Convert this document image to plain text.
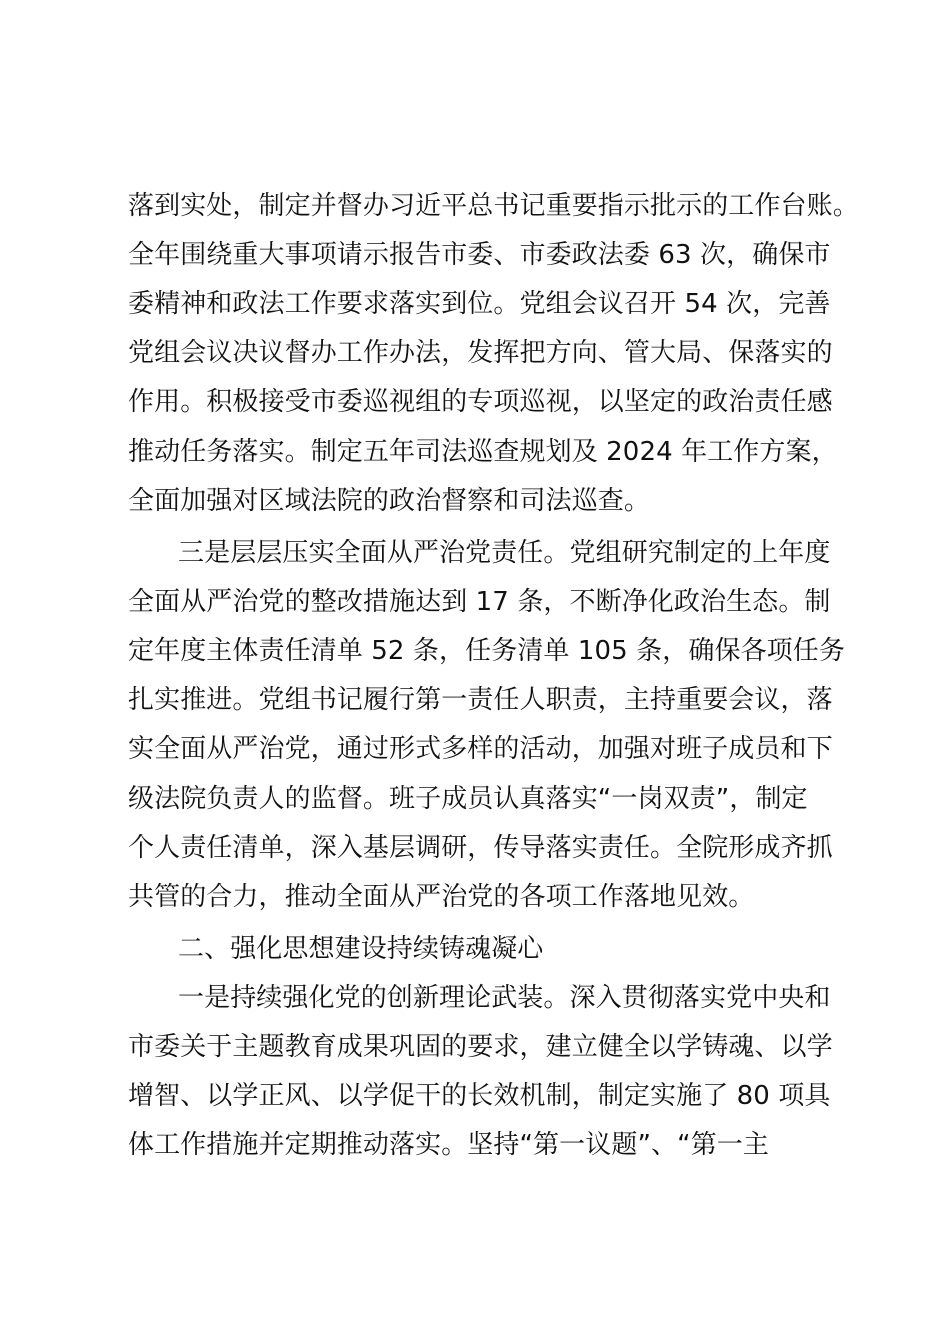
落到实处，制定并督办习近平总书记重要指示批示的工作台账。
全年围绕重大事项请示报告市委、市委政法委 63 次，确保市
委精神和政法工作要求落实到位。党组会议召开 54 次，完善
党组会议决议督办工作办法，发挥把方向、管大局、保落实的
作用。积极接受市委巡视组的专项巡视，以坚定的政治责任感
推动任务落实。制定五年司法巡查规划及 2024 年工作方案，
全面加强对区域法院的政治督察和司法巡查。
三是层层压实全面从严治党责任。党组研究制定的上年度
全面从严治党的整改措施达到 17 条，不断净化政治生态。制
定年度主体责任清单 52 条，任务清单 105 条，确保各项任务
扎实推进。党组书记履行第一责任人职责，主持重要会议，落
实全面从严治党，通过形式多样的活动，加强对班子成员和下
级法院负责人的监督。班子成员认真落实“一岗双责”，制定
个人责任清单，深入基层调研，传导落实责任。全院形成齐抓
共管的合力，推动全面从严治党的各项工作落地见效。
二、强化思想建设持续铸魂凝心
一是持续强化党的创新理论武装。深入贯彻落实党中央和
市委关于主题教育成果巩固的要求，建立健全以学铸魂、以学
增智、以学正风、以学促干的长效机制，制定实施了 80 项具
体工作措施并定期推动落实。坚持“第一议题”、“第一主
